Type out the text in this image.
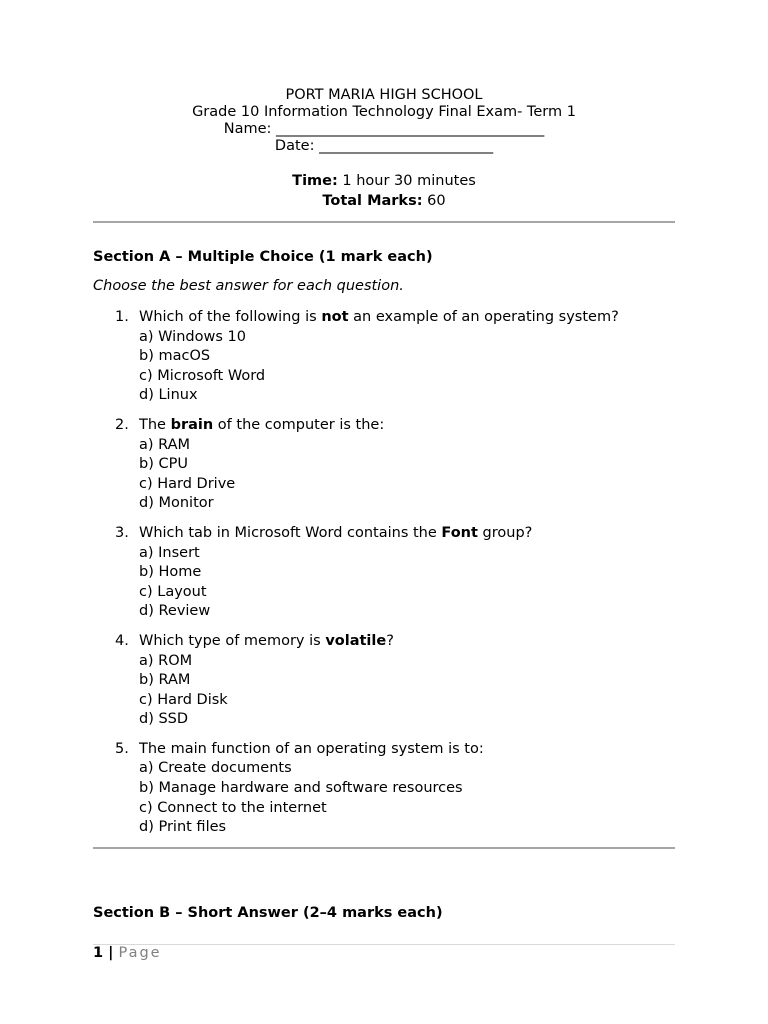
PORT MARIA HIGH SCHOOL
Grade 10 Information Technology Final Exam- Term 1
Name: _____________________________________
Date: ________________________
Time: 1 hour 30 minutes
Total Marks: 60
Section A – Multiple Choice (1 mark each)
Choose the best answer for each question.
1. Which of the following is not an example of an operating system?
a) Windows 10
b) macOS
c) Microsoft Word
d) Linux
2. The brain of the computer is the:
a) RAM
b) CPU
c) Hard Drive
d) Monitor
3. Which tab in Microsoft Word contains the Font group?
a) Insert
b) Home
c) Layout
d) Review
4. Which type of memory is volatile?
a) ROM
b) RAM
c) Hard Disk
d) SSD
5. The main function of an operating system is to:
a) Create documents
b) Manage hardware and software resources
c) Connect to the internet
d) Print files
Section B – Short Answer (2–4 marks each)
1 | Page
